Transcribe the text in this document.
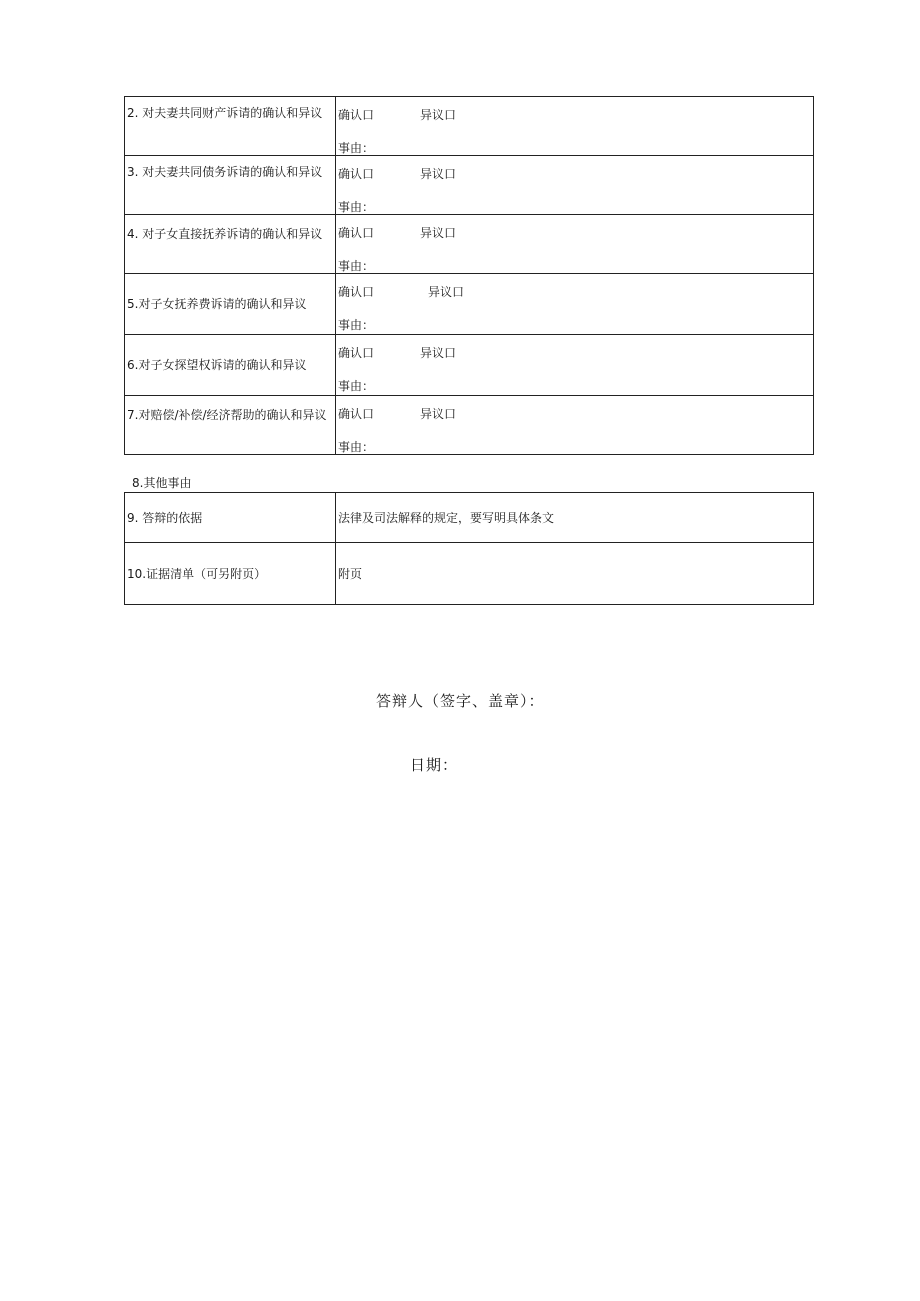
2. 对夫妻共同财产诉请的确认和异议	确认口 异议口
事由：

3. 对夫妻共同债务诉请的确认和异议	确认口 异议口
事由：

4. 对子女直接抚养诉请的确认和异议	确认口 异议口
事由：

5.对子女抚养费诉请的确认和异议	确认口 异议口
事由：

6.对子女探望权诉请的确认和异议	确认口 异议口
事由：

7.对赔偿/补偿/经济帮助的确认和异议	确认口 异议口
事由：
8.其他事由
9. 答辩的依据	法律及司法解释的规定，要写明具体条文
10.证据清单（可另附页）	附页
答辩人（签字、盖章）：
日期：
